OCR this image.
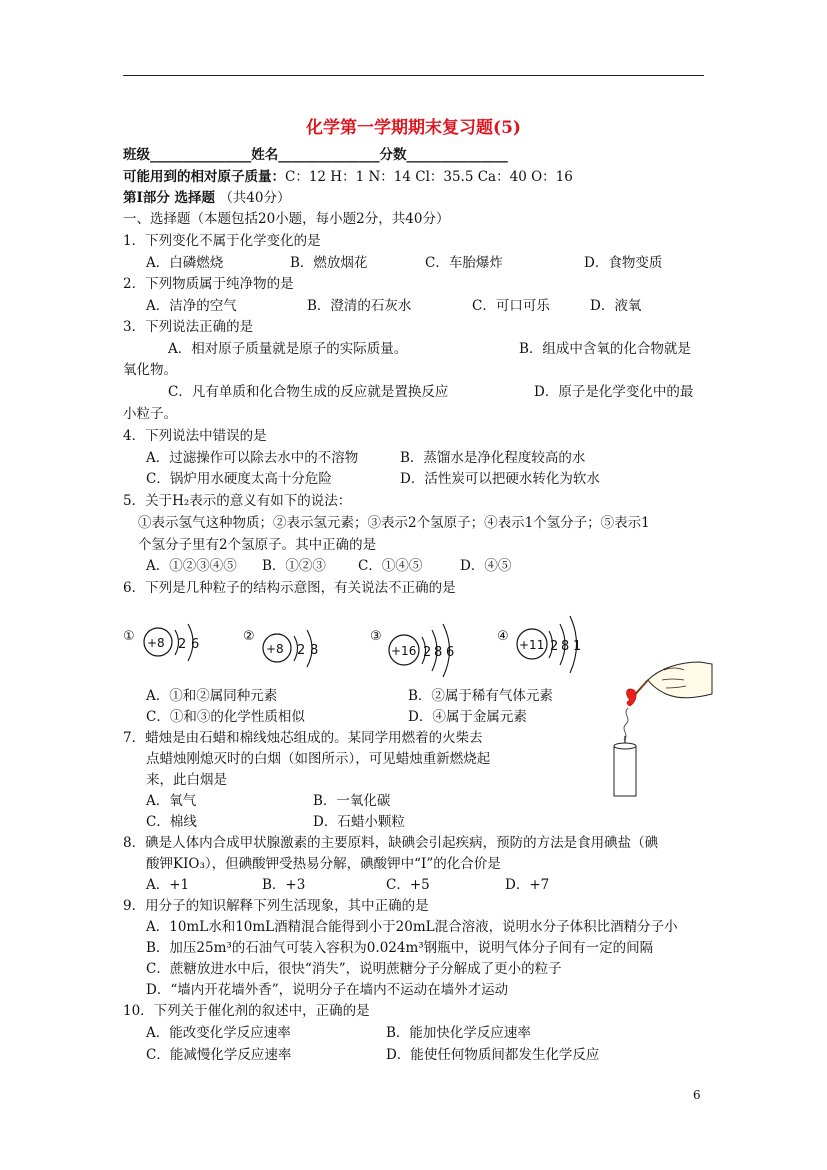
化学第一学期期末复习题(5)
班级_______________姓名_______________分数_______________
可能用到的相对原子质量：C：12 H：1 N：14 Cl：35.5 Ca：40 O：16
第Ⅰ部分 选择题 （共40分）
一、选择题（本题包括20小题，每小题2分，共40分）
1．下列变化不属于化学变化的是
A．白磷燃烧	B．燃放烟花	C．车胎爆炸	D．食物变质
2．下列物质属于纯净物的是
A．洁净的空气	B．澄清的石灰水	C．可口可乐	D．液氧
3．下列说法正确的是
A．相对原子质量就是原子的实际质量。	B．组成中含氧的化合物就是
氧化物。
C．凡有单质和化合物生成的反应就是置换反应	D．原子是化学变化中的最
小粒子。
4．下列说法中错误的是
A．过滤操作可以除去水中的不溶物	B．蒸馏水是净化程度较高的水
C．锅炉用水硬度太高十分危险	D．活性炭可以把硬水转化为软水
5．关于H₂表示的意义有如下的说法：
①表示氢气这种物质；②表示氢元素；③表示2个氢原子；④表示1个氢分子；⑤表示1
个氢分子里有2个氢原子。其中正确的是
A．①②③④⑤ B．①②③ C．①④⑤	D．④⑤
6．下列是几种粒子的结构示意图，有关说法不正确的是
① +8 2 6
②
+8 2 8
③
+16 2 8 6
④
+11 2 8 1
A．①和②属同种元素	B．②属于稀有气体元素
C．①和③的化学性质相似	D．④属于金属元素
7．蜡烛是由石蜡和棉线烛芯组成的。某同学用燃着的火柴去
点蜡烛刚熄灭时的白烟（如图所示），可见蜡烛重新燃烧起
来，此白烟是
A．氧气	B．一氧化碳
C．棉线	D．石蜡小颗粒
8．碘是人体内合成甲状腺激素的主要原料，缺碘会引起疾病，预防的方法是食用碘盐（碘
酸钾KIO₃），但碘酸钾受热易分解，碘酸钾中“I”的化合价是
A．+1	B．+3	C．+5	D．+7
9．用分子的知识解释下列生活现象，其中正确的是
A．10mL水和10mL酒精混合能得到小于20mL混合溶液，说明水分子体积比酒精分子小
B．加压25m³的石油气可装入容积为0.024m³钢瓶中，说明气体分子间有一定的间隔
C．蔗糖放进水中后，很快“消失”，说明蔗糖分子分解成了更小的粒子
D．“墙内开花墙外香”，说明分子在墙内不运动在墙外才运动
10．下列关于催化剂的叙述中，正确的是
A．能改变化学反应速率	B．能加快化学反应速率
C．能减慢化学反应速率	D．能使任何物质间都发生化学反应
6
